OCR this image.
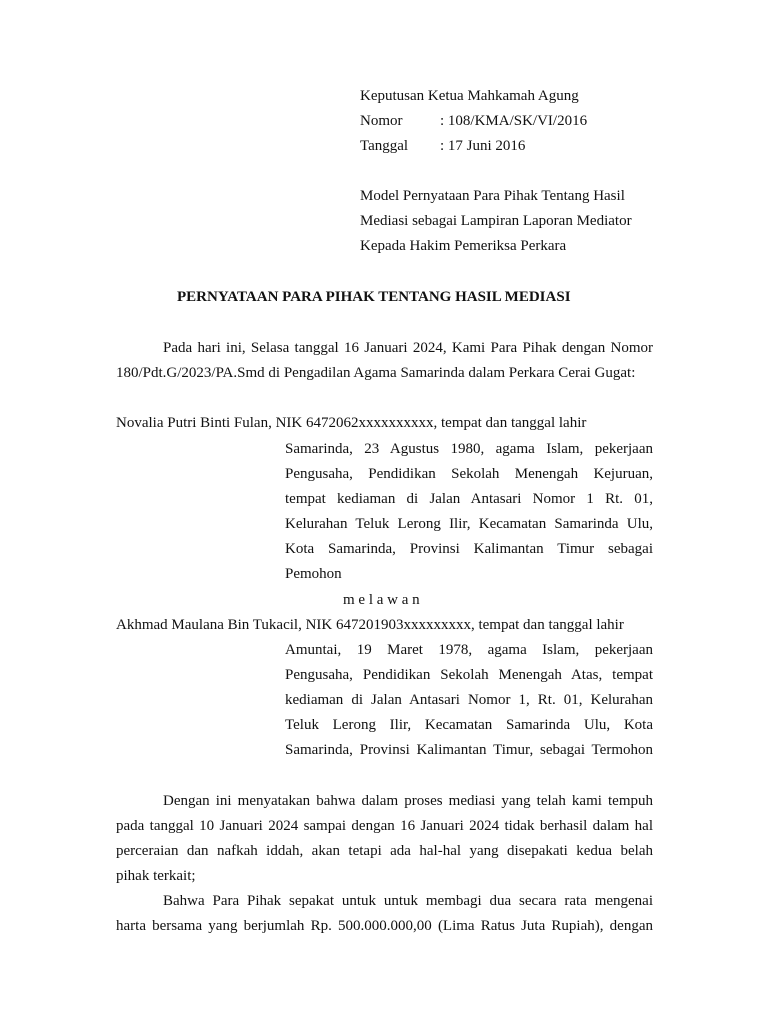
Keputusan Ketua Mahkamah Agung
Nomor	: 108/KMA/SK/VI/2016
Tanggal : 17 Juni 2016
Model Pernyataan Para Pihak Tentang Hasil
Mediasi sebagai Lampiran Laporan Mediator
Kepada Hakim Pemeriksa Perkara
PERNYATAAN PARA PIHAK TENTANG HASIL MEDIASI
Pada hari ini, Selasa tanggal 16 Januari 2024, Kami Para Pihak dengan Nomor
180/Pdt.G/2023/PA.Smd di Pengadilan Agama Samarinda dalam Perkara Cerai Gugat:
Novalia Putri Binti Fulan, NIK 6472062xxxxxxxxxx, tempat dan tanggal lahir
Samarinda, 23 Agustus 1980, agama Islam, pekerjaan
Pengusaha, Pendidikan Sekolah Menengah Kejuruan,
tempat kediaman di Jalan Antasari Nomor 1 Rt. 01,
Kelurahan Teluk Lerong Ilir, Kecamatan Samarinda Ulu,
Kota Samarinda, Provinsi Kalimantan Timur sebagai
Pemohon
m e l a w a n
Akhmad Maulana Bin Tukacil, NIK 647201903xxxxxxxxx, tempat dan tanggal lahir
Amuntai, 19 Maret 1978, agama Islam, pekerjaan
Pengusaha, Pendidikan Sekolah Menengah Atas, tempat
kediaman di Jalan Antasari Nomor 1, Rt. 01, Kelurahan
Teluk Lerong Ilir, Kecamatan Samarinda Ulu, Kota
Samarinda, Provinsi Kalimantan Timur, sebagai Termohon
Dengan ini menyatakan bahwa dalam proses mediasi yang telah kami tempuh
pada tanggal 10 Januari 2024 sampai dengan 16 Januari 2024 tidak berhasil dalam hal
perceraian dan nafkah iddah, akan tetapi ada hal-hal yang disepakati kedua belah
pihak terkait;
Bahwa Para Pihak sepakat untuk untuk membagi dua secara rata mengenai
harta bersama yang berjumlah Rp. 500.000.000,00 (Lima Ratus Juta Rupiah), dengan
